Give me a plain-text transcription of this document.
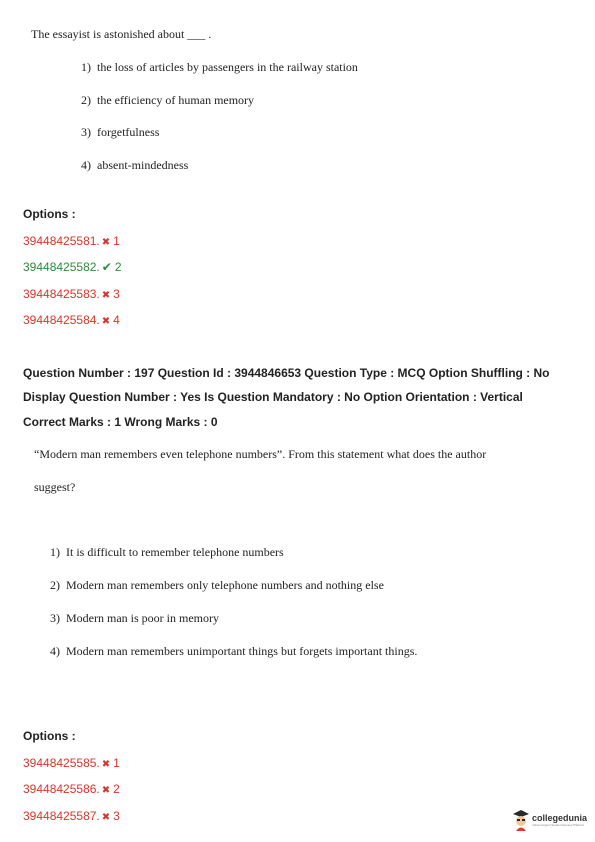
The essayist is astonished about ___ .
1) the loss of articles by passengers in the railway station
2) the efficiency of human memory
3) forgetfulness
4) absent-mindedness
Options :
39448425581. ✖ 1
39448425582. ✔ 2
39448425583. ✖ 3
39448425584. ✖ 4
Question Number : 197 Question Id : 3944846653 Question Type : MCQ Option Shuffling : No
Display Question Number : Yes Is Question Mandatory : No Option Orientation : Vertical
Correct Marks : 1 Wrong Marks : 0
“Modern man remembers even telephone numbers”. From this statement what does the author
suggest?
1) It is difficult to remember telephone numbers
2) Modern man remembers only telephone numbers and nothing else
3) Modern man is poor in memory
4) Modern man remembers unimportant things but forgets important things.
Options :
39448425585. ✖ 1
39448425586. ✖ 2
39448425587. ✖ 3	collegedunia
India's largest Student Review Platform
